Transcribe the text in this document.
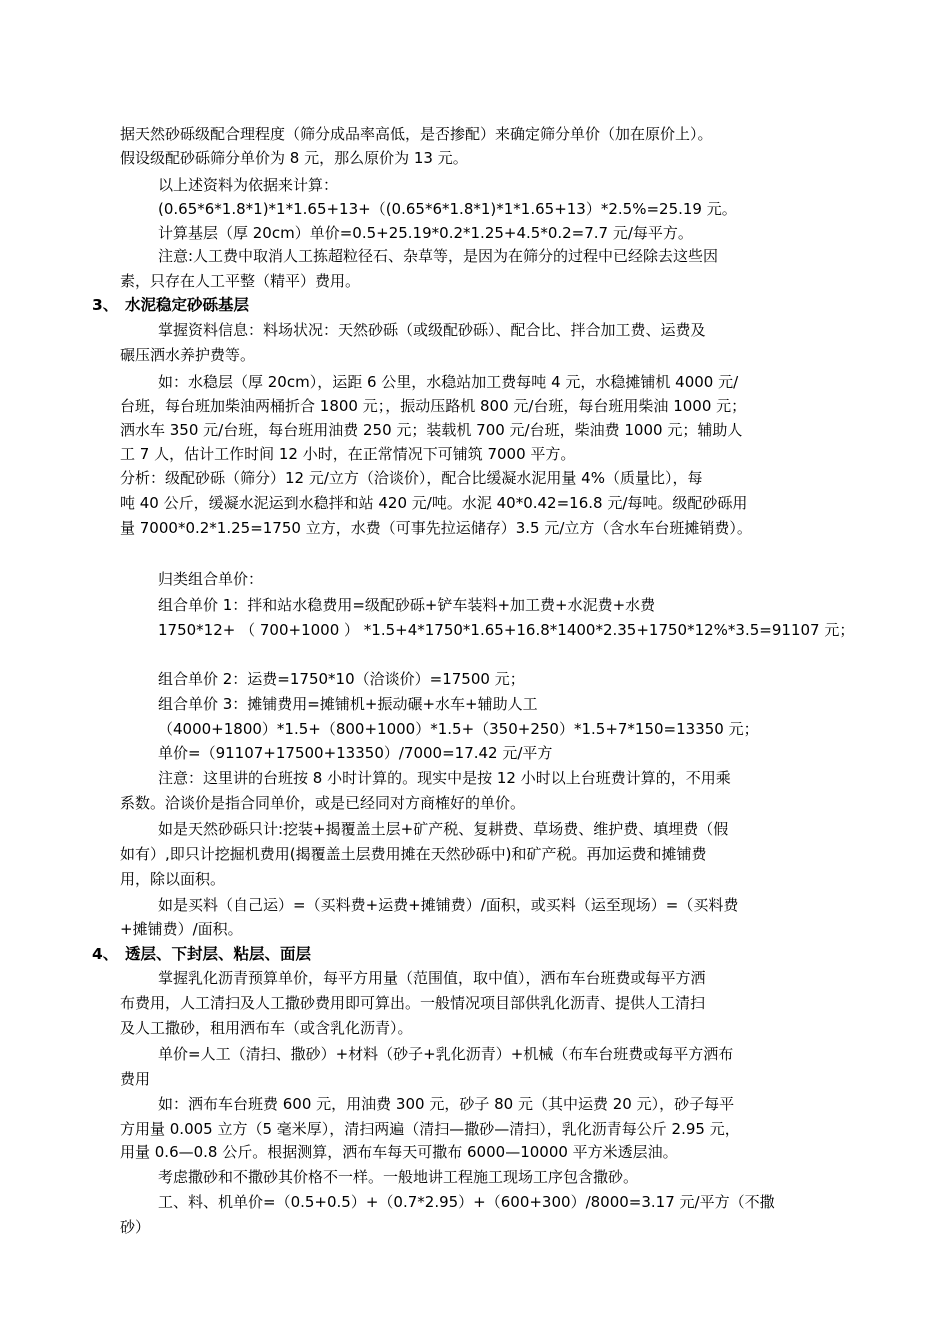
据天然砂砾级配合理程度（筛分成品率高低，是否掺配）来确定筛分单价（加在原价上）。
假设级配砂砾筛分单价为 8 元，那么原价为 13 元。
以上述资料为依据来计算：
(0.65*6*1.8*1)*1*1.65+13+（(0.65*6*1.8*1)*1*1.65+13）*2.5%=25.19 元。
计算基层（厚 20cm）单价=0.5+25.19*0.2*1.25+4.5*0.2=7.7 元/每平方。
注意:人工费中取消人工拣超粒径石、杂草等，是因为在筛分的过程中已经除去这些因
素，只存在人工平整（精平）费用。
3、 水泥稳定砂砾基层
掌握资料信息：料场状况：天然砂砾（或级配砂砾）、配合比、拌合加工费、运费及
碾压洒水养护费等。
如：水稳层（厚 20cm），运距 6 公里，水稳站加工费每吨 4 元，水稳摊铺机 4000 元/
台班，每台班加柴油两桶折合 1800 元；，振动压路机 800 元/台班，每台班用柴油 1000 元；
洒水车 350 元/台班，每台班用油费 250 元；装载机 700 元/台班，柴油费 1000 元；辅助人
工 7 人，估计工作时间 12 小时，在正常情况下可铺筑 7000 平方。
分析：级配砂砾（筛分）12 元/立方（洽谈价），配合比缓凝水泥用量 4%（质量比），每
吨 40 公斤，缓凝水泥运到水稳拌和站 420 元/吨。水泥 40*0.42=16.8 元/每吨。级配砂砾用
量 7000*0.2*1.25=1750 立方，水费（可事先拉运储存）3.5 元/立方（含水车台班摊销费）。
归类组合单价：
组合单价 1：拌和站水稳费用=级配砂砾+铲车装料+加工费+水泥费+水费
1750*12+ （ 700+1000 ） *1.5+4*1750*1.65+16.8*1400*2.35+1750*12%*3.5=91107 元；
组合单价 2：运费=1750*10（洽谈价）=17500 元；
组合单价 3：摊铺费用=摊铺机+振动碾+水车+辅助人工
（4000+1800）*1.5+（800+1000）*1.5+（350+250）*1.5+7*150=13350 元；
单价=（91107+17500+13350）/7000=17.42 元/平方
注意：这里讲的台班按 8 小时计算的。现实中是按 12 小时以上台班费计算的，不用乘
系数。洽谈价是指合同单价，或是已经同对方商榷好的单价。
如是天然砂砾只计:挖装+揭覆盖土层+矿产税、复耕费、草场费、维护费、填埋费（假
如有）,即只计挖掘机费用(揭覆盖土层费用摊在天然砂砾中)和矿产税。再加运费和摊铺费
用，除以面积。
如是买料（自己运）=（买料费+运费+摊铺费）/面积，或买料（运至现场）=（买料费
+摊铺费）/面积。
4、 透层、下封层、粘层、面层
掌握乳化沥青预算单价，每平方用量（范围值，取中值），洒布车台班费或每平方洒
布费用，人工清扫及人工撒砂费用即可算出。一般情况项目部供乳化沥青、提供人工清扫
及人工撒砂，租用洒布车（或含乳化沥青）。
单价=人工（清扫、撒砂）+材料（砂子+乳化沥青）+机械（布车台班费或每平方洒布
费用
如：洒布车台班费 600 元，用油费 300 元，砂子 80 元（其中运费 20 元），砂子每平
方用量 0.005 立方（5 毫米厚），清扫两遍（清扫—撒砂—清扫），乳化沥青每公斤 2.95 元，
用量 0.6—0.8 公斤。根据测算，洒布车每天可撒布 6000—10000 平方米透层油。
考虑撒砂和不撒砂其价格不一样。一般地讲工程施工现场工序包含撒砂。
工、料、机单价=（0.5+0.5）+（0.7*2.95）+（600+300）/8000=3.17 元/平方（不撒
砂）
